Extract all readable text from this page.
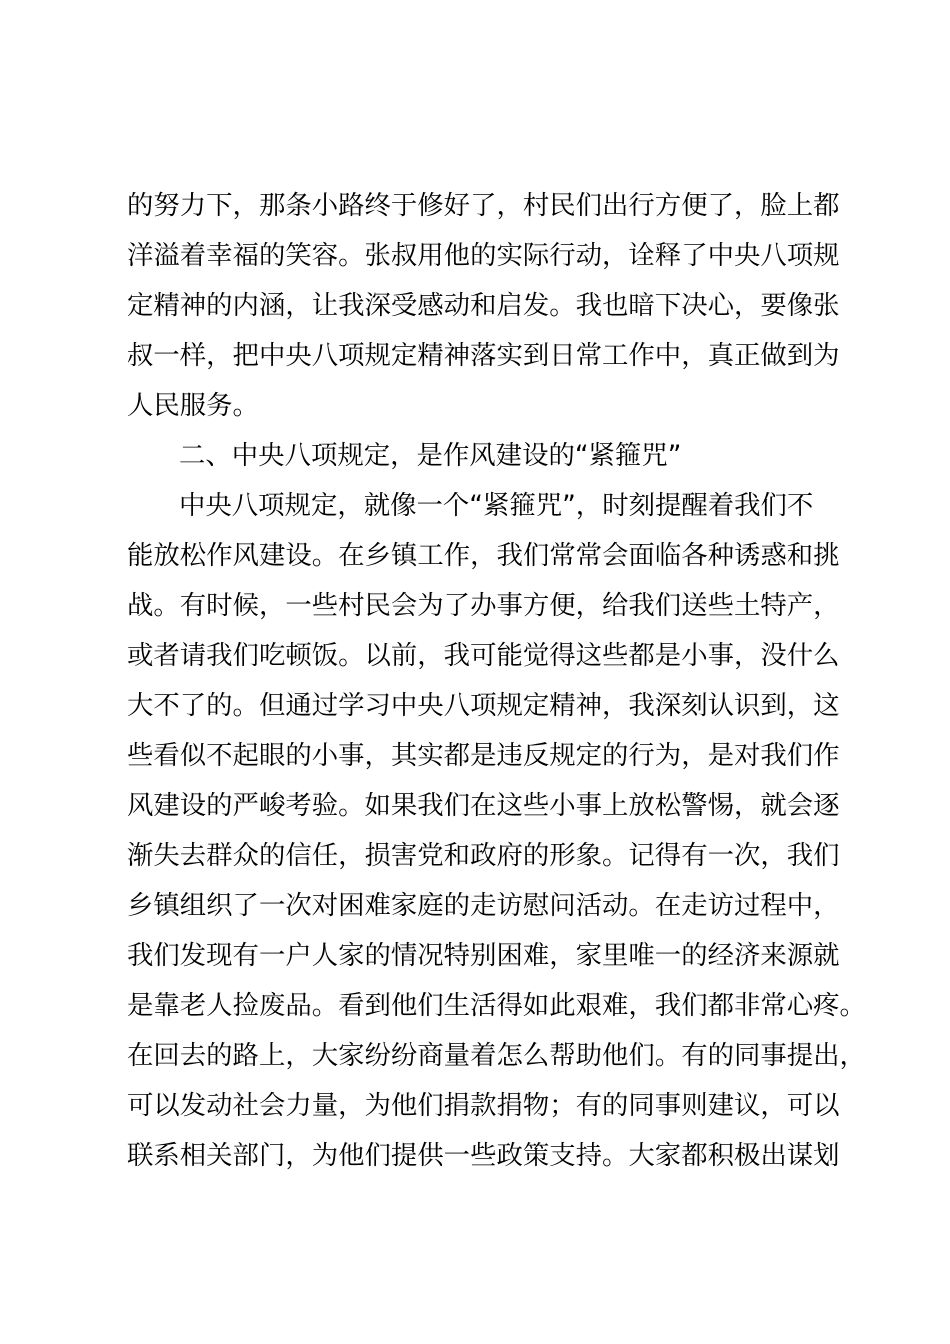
的努力下，那条小路终于修好了，村民们出行方便了，脸上都
洋溢着幸福的笑容。张叔用他的实际行动，诠释了中央八项规
定精神的内涵，让我深受感动和启发。我也暗下决心，要像张
叔一样，把中央八项规定精神落实到日常工作中，真正做到为
人民服务。
二、中央八项规定，是作风建设的“紧箍咒”
中央八项规定，就像一个“紧箍咒”，时刻提醒着我们不
能放松作风建设。在乡镇工作，我们常常会面临各种诱惑和挑
战。有时候，一些村民会为了办事方便，给我们送些土特产，
或者请我们吃顿饭。以前，我可能觉得这些都是小事，没什么
大不了的。但通过学习中央八项规定精神，我深刻认识到，这
些看似不起眼的小事，其实都是违反规定的行为，是对我们作
风建设的严峻考验。如果我们在这些小事上放松警惕，就会逐
渐失去群众的信任，损害党和政府的形象。记得有一次，我们
乡镇组织了一次对困难家庭的走访慰问活动。在走访过程中，
我们发现有一户人家的情况特别困难，家里唯一的经济来源就
是靠老人捡废品。看到他们生活得如此艰难，我们都非常心疼。
在回去的路上，大家纷纷商量着怎么帮助他们。有的同事提出，
可以发动社会力量，为他们捐款捐物；有的同事则建议，可以
联系相关部门，为他们提供一些政策支持。大家都积极出谋划
